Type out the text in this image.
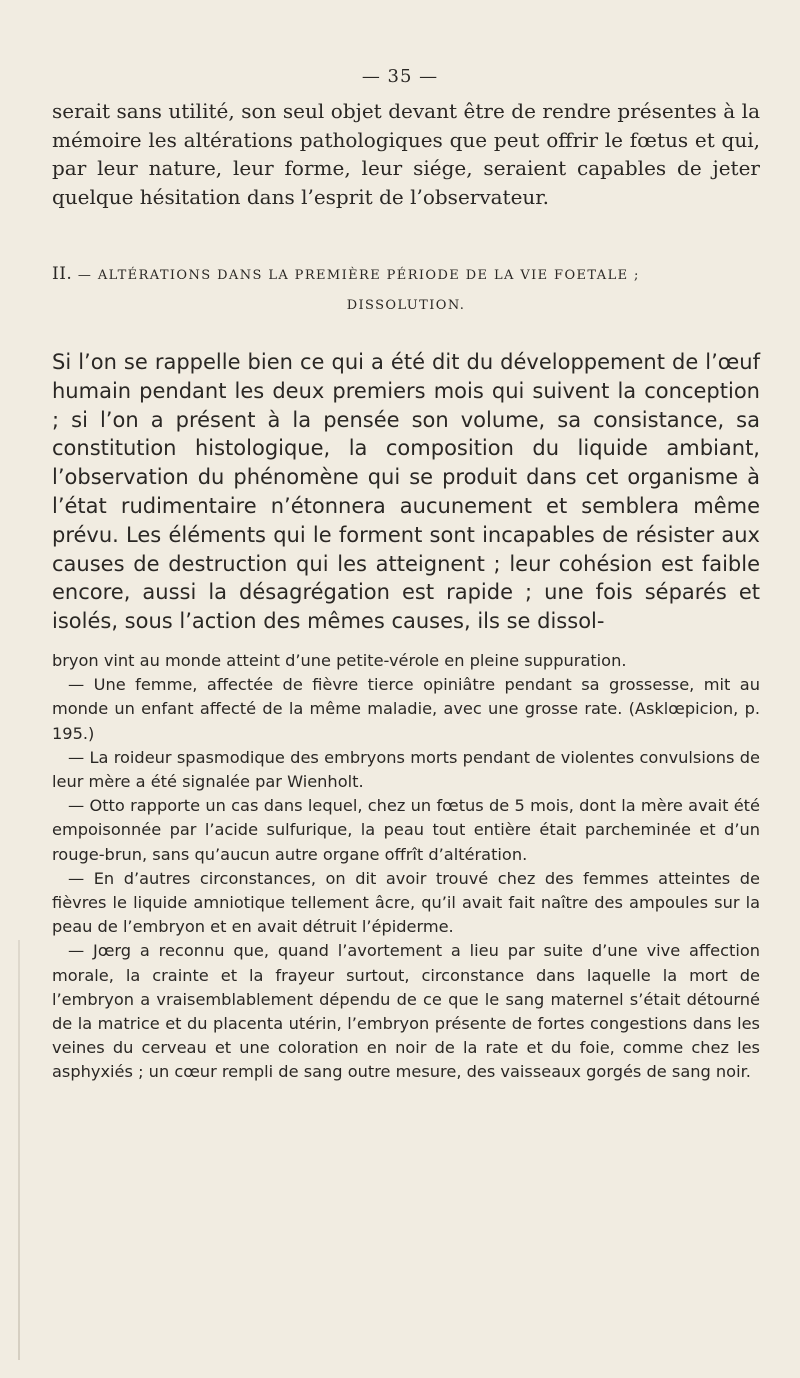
— 35 —

serait sans utilité, son seul objet devant être de rendre présentes à la mémoire les altérations pathologiques que peut offrir le fœtus et qui, par leur nature, leur forme, leur siége, seraient capables de jeter quelque hésitation dans l’esprit de l’observateur.

II. — ALTÉRATIONS DANS LA PREMIÈRE PÉRIODE DE LA VIE FOETALE ;
DISSOLUTION.

Si l’on se rappelle bien ce qui a été dit du développement de l’œuf humain pendant les deux premiers mois qui suivent la conception ; si l’on a présent à la pensée son volume, sa consistance, sa constitution histologique, la composition du liquide ambiant, l’observation du phénomène qui se produit dans cet organisme à l’état rudimentaire n’étonnera aucunement et semblera même prévu. Les éléments qui le forment sont incapables de résister aux causes de destruction qui les atteignent ; leur cohésion est faible encore, aussi la désagrégation est rapide ; une fois séparés et isolés, sous l’action des mêmes causes, ils se dissol-

bryon vint au monde atteint d’une petite-vérole en pleine suppuration.

— Une femme, affectée de fièvre tierce opiniâtre pendant sa grossesse, mit au monde un enfant affecté de la même maladie, avec une grosse rate. (Asklœpicion, p. 195.)

— La roideur spasmodique des embryons morts pendant de violentes convulsions de leur mère a été signalée par Wienholt.

— Otto rapporte un cas dans lequel, chez un fœtus de 5 mois, dont la mère avait été empoisonnée par l’acide sulfurique, la peau tout entière était parcheminée et d’un rouge-brun, sans qu’aucun autre organe offrît d’altération.

— En d’autres circonstances, on dit avoir trouvé chez des femmes atteintes de fièvres le liquide amniotique tellement âcre, qu’il avait fait naître des ampoules sur la peau de l’embryon et en avait détruit l’épiderme.

— Jœrg a reconnu que, quand l’avortement a lieu par suite d’une vive affection morale, la crainte et la frayeur surtout, circonstance dans laquelle la mort de l’embryon a vraisemblablement dépendu de ce que le sang maternel s’était détourné de la matrice et du placenta utérin, l’embryon présente de fortes congestions dans les veines du cerveau et une coloration en noir de la rate et du foie, comme chez les asphyxiés ; un cœur rempli de sang outre mesure, des vaisseaux gorgés de sang noir.
